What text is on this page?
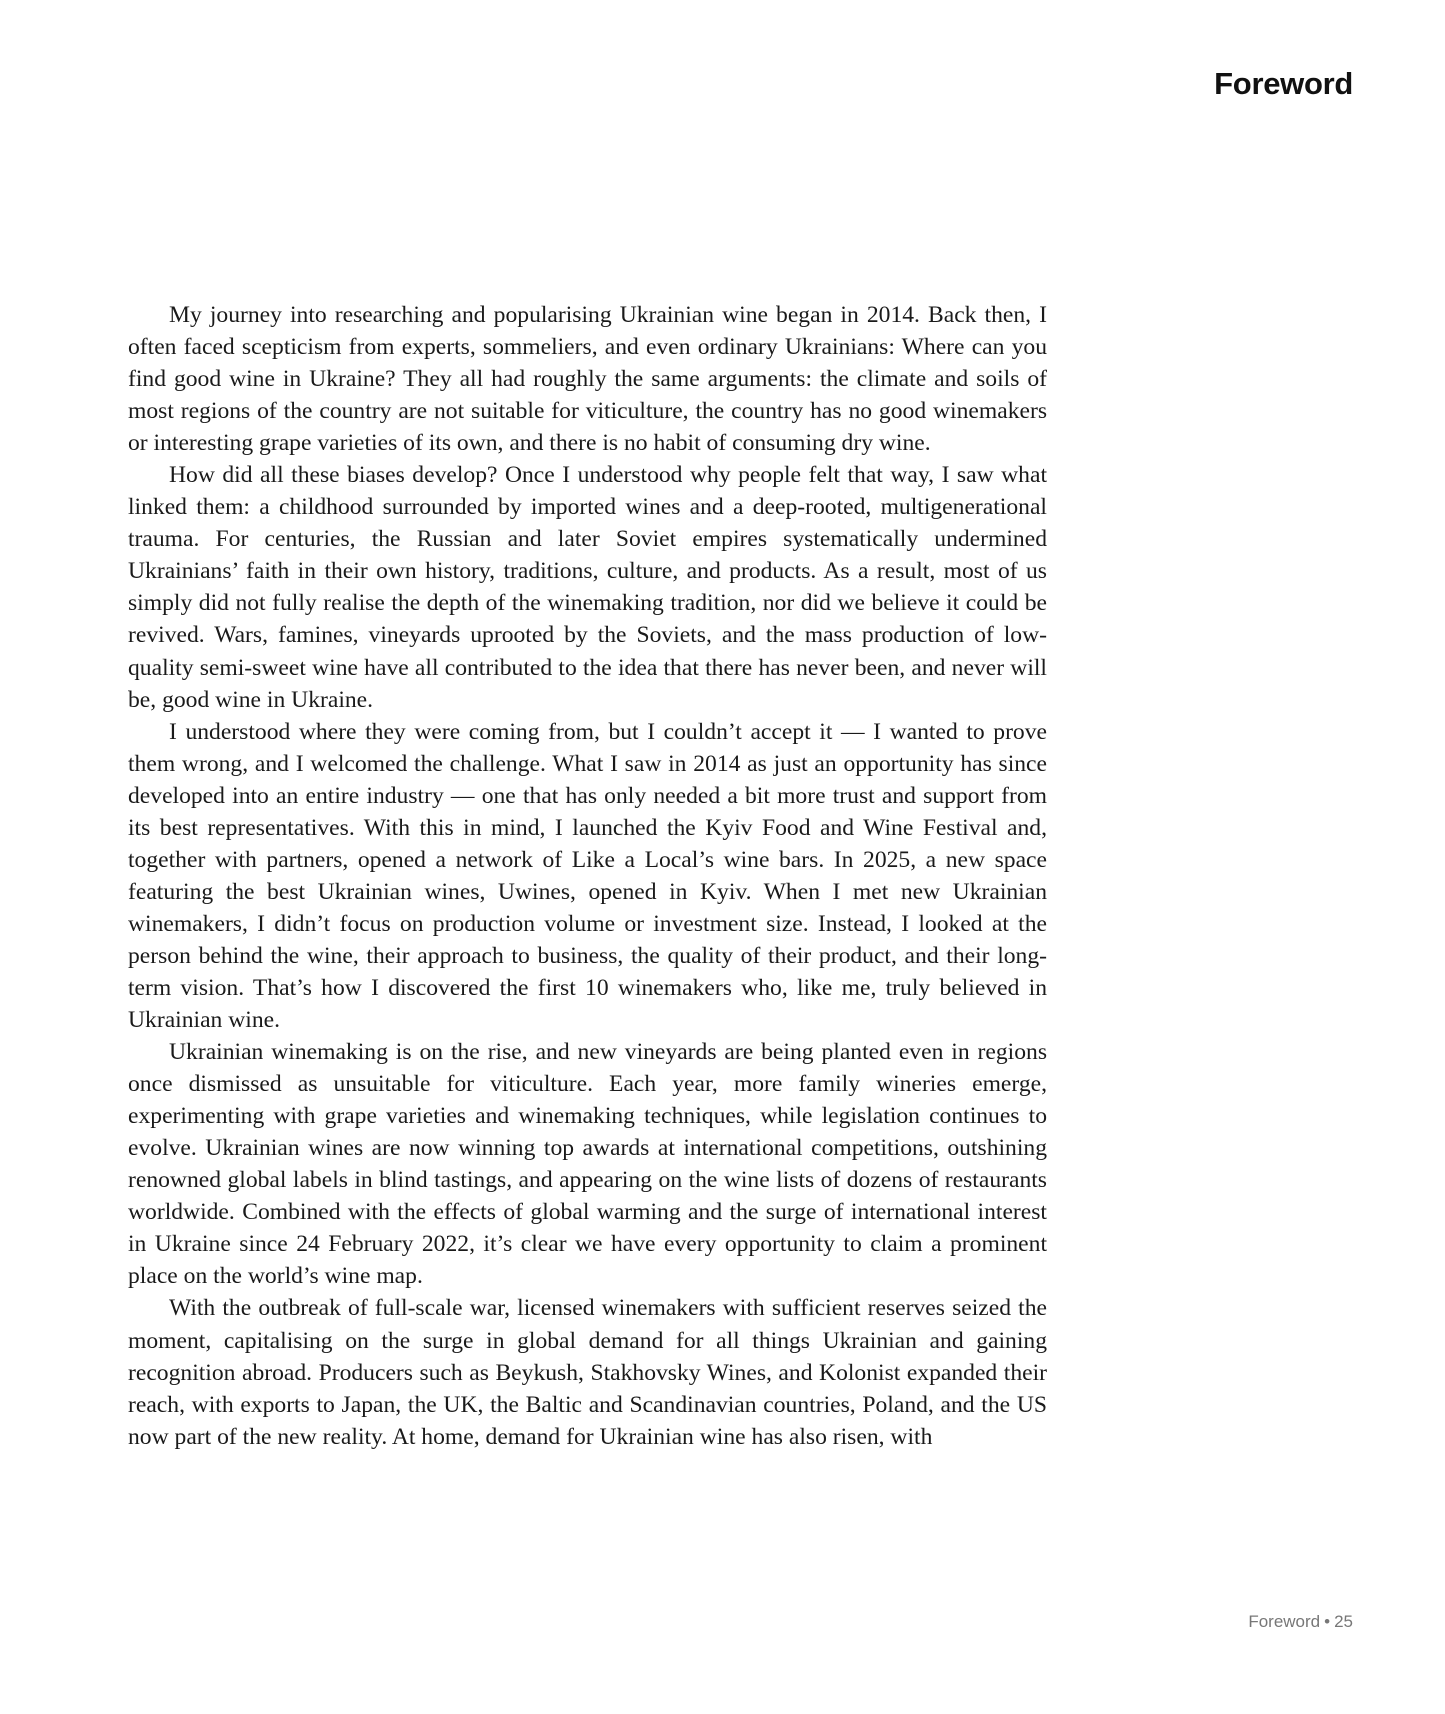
Foreword

My journey into researching and popularising Ukrainian wine began in 2014. Back then, I often faced scepticism from experts, sommeliers, and even ordinary Ukrainians: Where can you find good wine in Ukraine? They all had roughly the same arguments: the climate and soils of most regions of the country are not suitable for viticulture, the country has no good winemakers or interesting grape varieties of its own, and there is no habit of consuming dry wine.

How did all these biases develop? Once I understood why people felt that way, I saw what linked them: a childhood surrounded by imported wines and a deep-rooted, multigenerational trauma. For centuries, the Russian and later Soviet empires systematically undermined Ukrainians’ faith in their own history, traditions, culture, and products. As a result, most of us simply did not fully realise the depth of the winemaking tradition, nor did we believe it could be revived. Wars, famines, vineyards uprooted by the Soviets, and the mass production of low-quality semi-sweet wine have all contributed to the idea that there has never been, and never will be, good wine in Ukraine.

I understood where they were coming from, but I couldn’t accept it — I wanted to prove them wrong, and I welcomed the challenge. What I saw in 2014 as just an opportunity has since developed into an entire industry — one that has only needed a bit more trust and support from its best representatives. With this in mind, I launched the Kyiv Food and Wine Festival and, together with partners, opened a network of Like a Local’s wine bars. In 2025, a new space featuring the best Ukrainian wines, Uwines, opened in Kyiv. When I met new Ukrainian winemakers, I didn’t focus on production volume or investment size. Instead, I looked at the person behind the wine, their approach to business, the quality of their product, and their long-term vision. That’s how I discovered the first 10 winemakers who, like me, truly believed in Ukrainian wine.

Ukrainian winemaking is on the rise, and new vineyards are being planted even in regions once dismissed as unsuitable for viticulture. Each year, more family wineries emerge, experimenting with grape varieties and winemaking techniques, while legislation continues to evolve. Ukrainian wines are now winning top awards at international competitions, outshining renowned global labels in blind tastings, and appearing on the wine lists of dozens of restaurants worldwide. Combined with the effects of global warming and the surge of international interest in Ukraine since 24 February 2022, it’s clear we have every opportunity to claim a prominent place on the world’s wine map.

With the outbreak of full-scale war, licensed winemakers with sufficient reserves seized the moment, capitalising on the surge in global demand for all things Ukrainian and gaining recognition abroad. Producers such as Beykush, Stakhovsky Wines, and Kolonist expanded their reach, with exports to Japan, the UK, the Baltic and Scandinavian countries, Poland, and the US now part of the new reality. At home, demand for Ukrainian wine has also risen, with

Foreword • 25
